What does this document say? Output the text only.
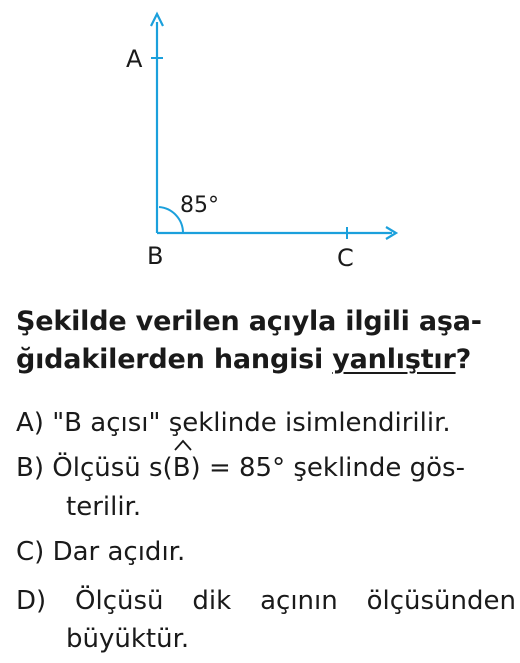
A
85°
B	C
Şekilde verilen açıyla ilgili aşa-
ğıdakilerden hangisi yanlıştır?
A) "B açısı" şeklinde isimlendirilir.
B) Ölçüsü s(
B) = 85° şeklinde gös-
terilir.
C) Dar açıdır.
D) Ölçüsü dik açının ölçüsünden
büyüktür.
